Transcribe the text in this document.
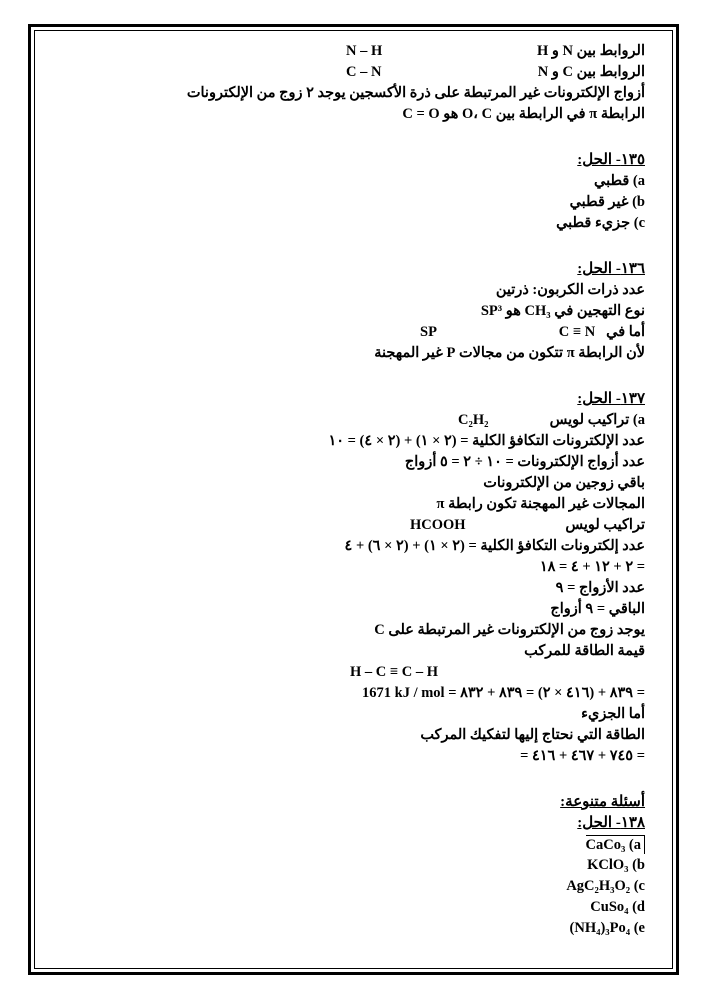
الروابط بين N و H
N – H
الروابط بين C و N
C – N
أزواج الإلكترونات غير المرتبطة على ذرة الأكسجين يوجد ٢ زوج من الإلكترونات
الرابطة π في الرابطة بين O، C هو C = O
١٣٥- الحل:
a) قطبي
b) غير قطبي
c) جزيء قطبي
١٣٦- الحل:
عدد ذرات الكربون: ذرتين
نوع التهجين في CH₃ هو SP³
أما في   C ≡ N
SP
لأن الرابطة π تتكون من مجالات P غير المهجنة
١٣٧- الحل:
a) تراكيب لويس
C₂H₂
عدد الإلكترونات التكافؤ الكلية = (٢ × ١) + (٢ × ٤) = ١٠
عدد أزواج الإلكترونات = ١٠ ÷ ٢ = ٥ أزواج
باقي زوجين من الإلكترونات
المجالات غير المهجنة تكون رابطة π
تراكيب لويس
HCOOH
عدد إلكترونات التكافؤ الكلية = (٢ × ١) + (٢ × ٦) + ٤
= ٢ + ١٢ + ٤ = ١٨
عدد الأزواج = ٩
الباقي = ٩ أزواج
يوجد زوج من الإلكترونات غير المرتبطة على C
قيمة الطاقة للمركب
H – C ≡ C – H
= ٨٣٩ + (٤١٦ × ٢) = ٨٣٩ + ٨٣٢ = 1671 kJ / mol
أما الجزيء
الطاقة التي نحتاج إليها لتفكيك المركب
= ٧٤٥ + ٤٦٧ + ٤١٦ =
أسئلة متنوعة:
١٣٨- الحل:
CaCo₃ (a
KClO₃ (b
AgC₂H₃O₂ (c
CuSo₄ (d
(NH₄)₃Po₄ (e
